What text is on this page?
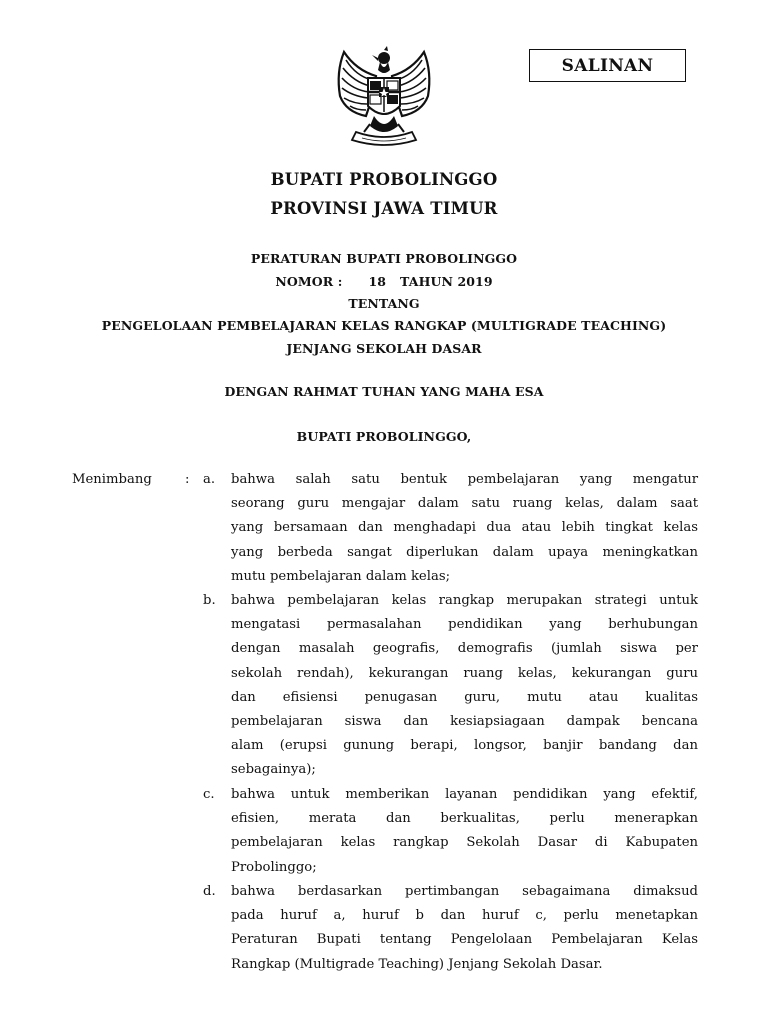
SALINAN
BUPATI PROBOLINGGO
PROVINSI JAWA TIMUR
PERATURAN BUPATI PROBOLINGGO
NOMOR : 18 TAHUN 2019
TENTANG
PENGELOLAAN PEMBELAJARAN KELAS RANGKAP (MULTIGRADE TEACHING)
JENJANG SEKOLAH DASAR
DENGAN RAHMAT TUHAN YANG MAHA ESA
BUPATI PROBOLINGGO,
Menimbang	: a. bahwa salah satu bentuk pembelajaran yang mengatur
seorang guru mengajar dalam satu ruang kelas, dalam saat
yang bersamaan dan menghadapi dua atau lebih tingkat kelas
yang berbeda sangat diperlukan dalam upaya meningkatkan
mutu pembelajaran dalam kelas;
b. bahwa pembelajaran kelas rangkap merupakan strategi untuk
mengatasi permasalahan pendidikan yang berhubungan
dengan masalah geografis, demografis (jumlah siswa per
sekolah rendah), kekurangan ruang kelas, kekurangan guru
dan efisiensi penugasan guru, mutu atau kualitas
pembelajaran siswa dan kesiapsiagaan dampak bencana
alam (erupsi gunung berapi, longsor, banjir bandang dan
sebagainya);
c. bahwa untuk memberikan layanan pendidikan yang efektif,
efisien, merata dan berkualitas, perlu menerapkan
pembelajaran kelas rangkap Sekolah Dasar di Kabupaten
Probolinggo;
d. bahwa berdasarkan pertimbangan sebagaimana dimaksud
pada huruf a, huruf b dan huruf c, perlu menetapkan
Peraturan Bupati tentang Pengelolaan Pembelajaran Kelas
Rangkap (Multigrade Teaching) Jenjang Sekolah Dasar.
